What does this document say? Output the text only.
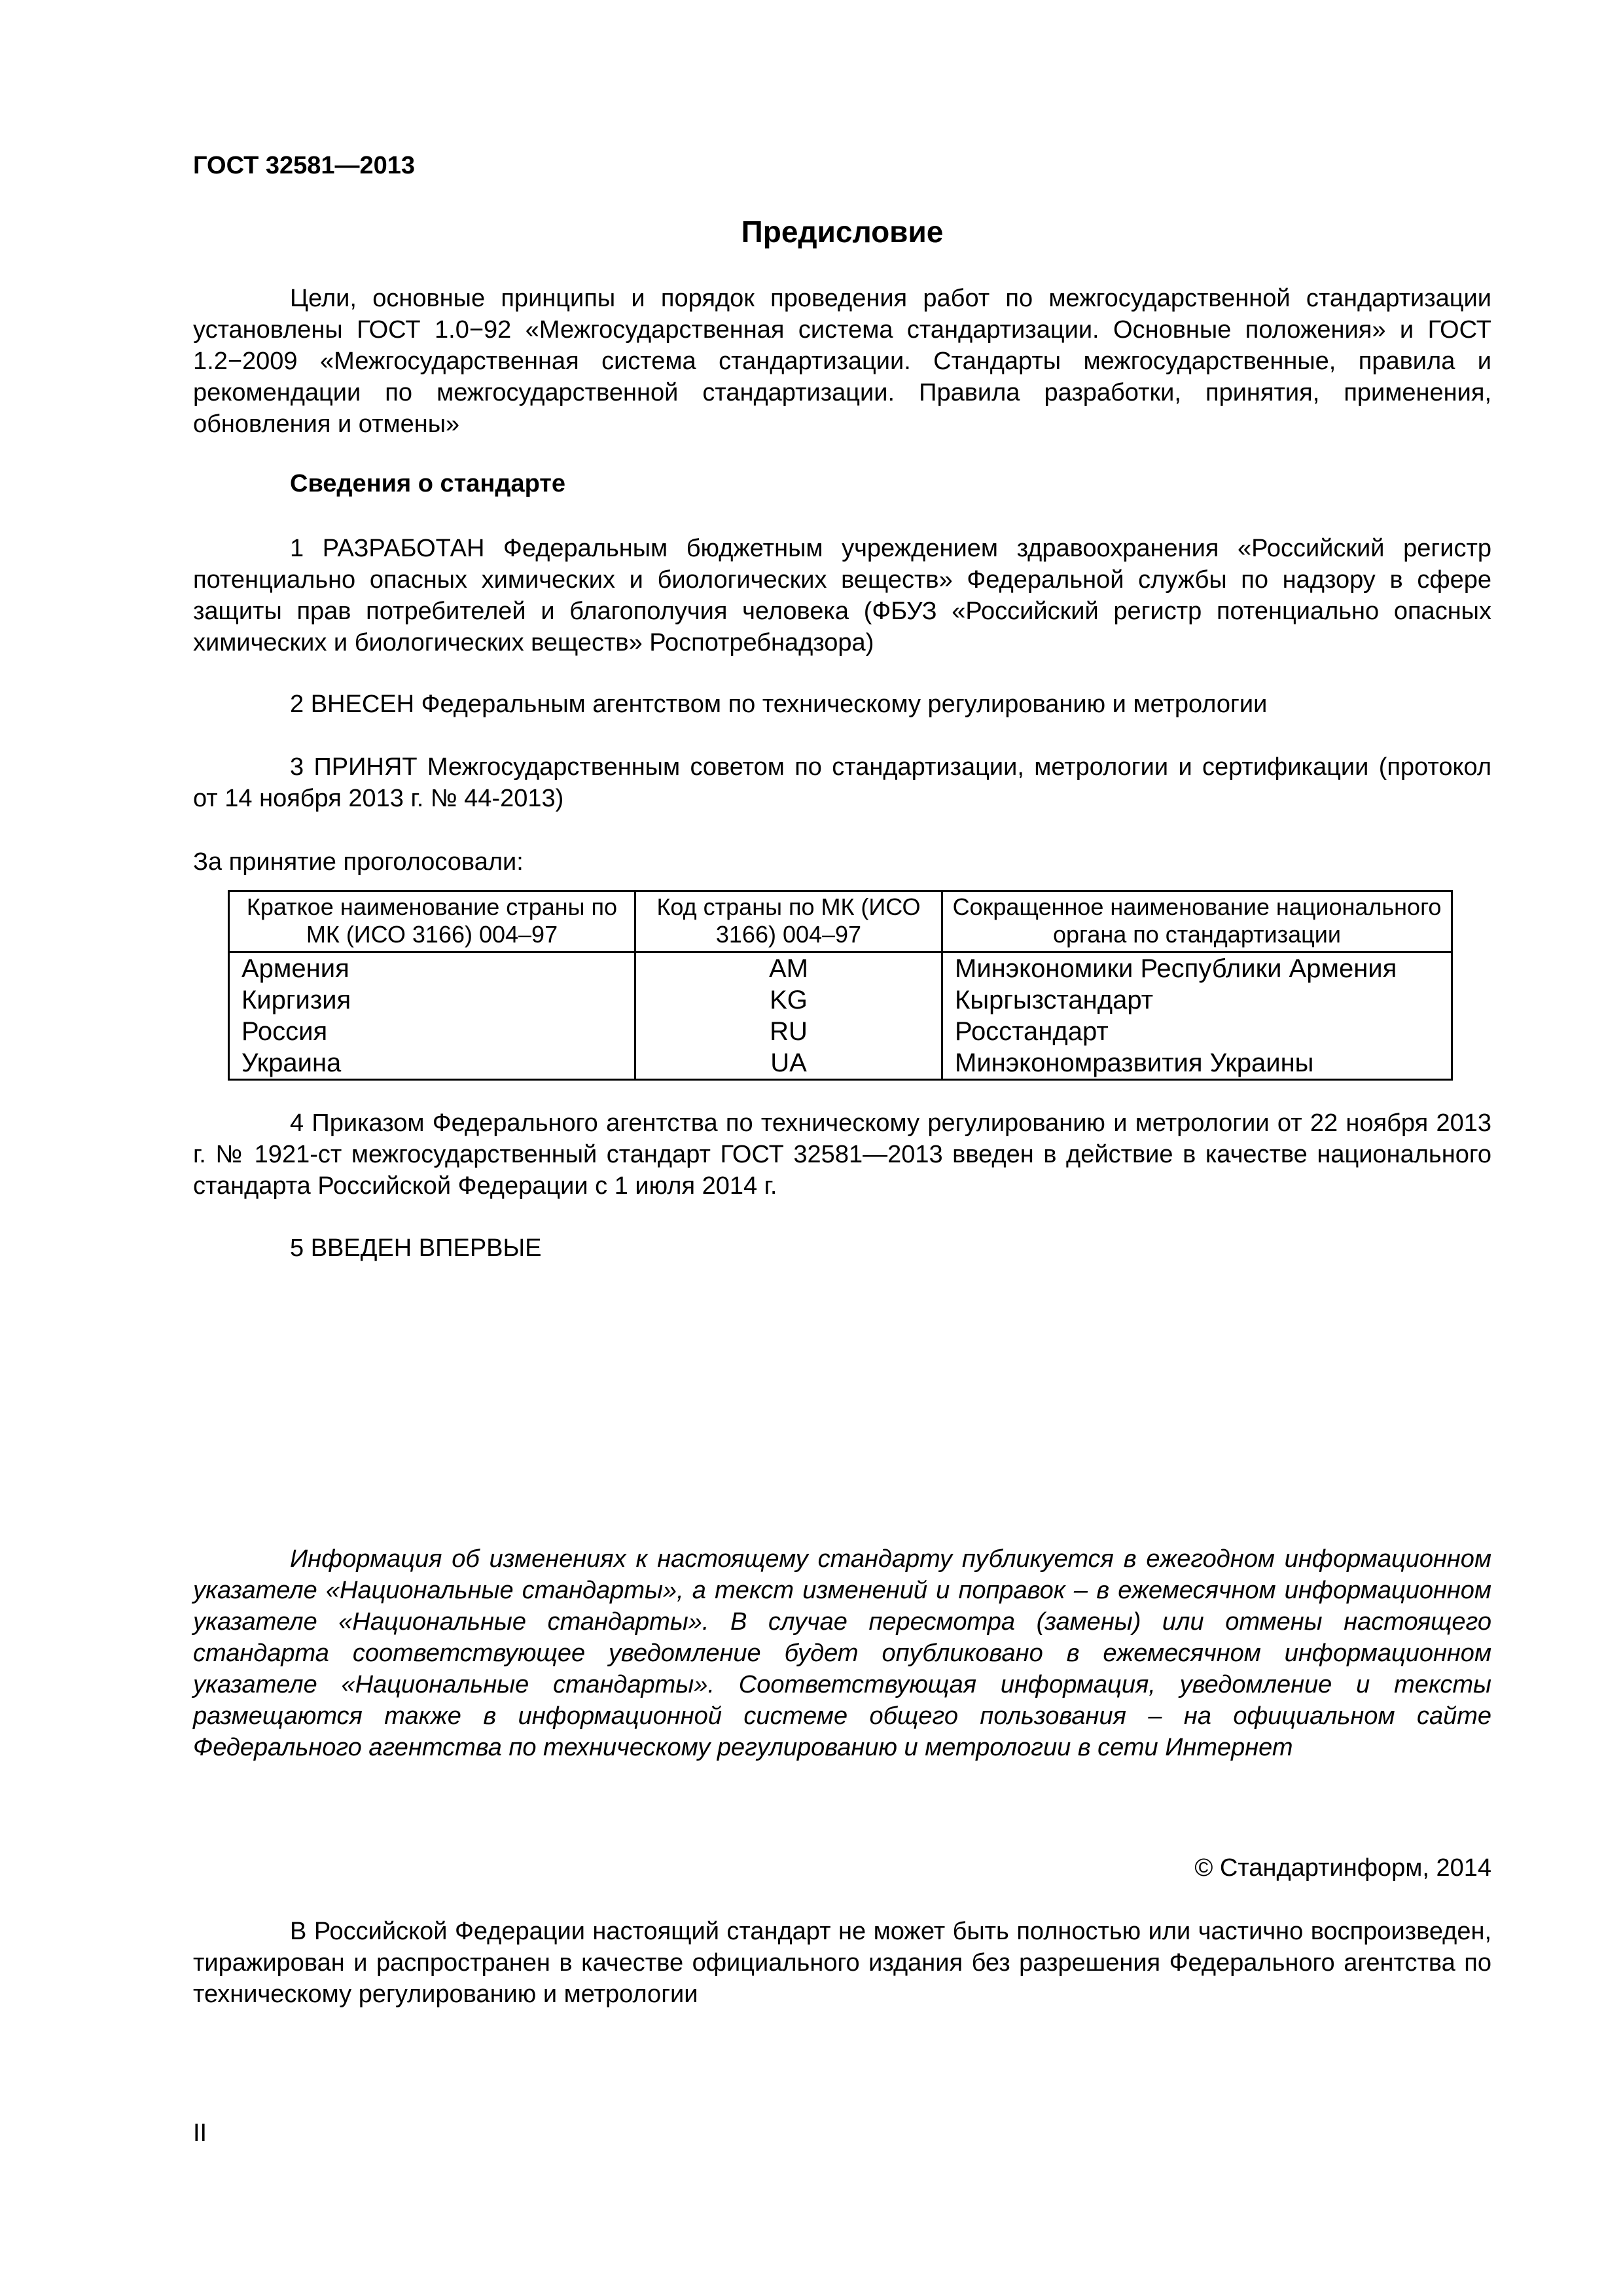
ГОСТ 32581—2013

Предисловие

Цели, основные принципы и порядок проведения работ по межгосударственной стандартизации установлены ГОСТ 1.0−92 «Межгосударственная система стандартизации. Основные положения» и ГОСТ 1.2−2009 «Межгосударственная система стандартизации. Стандарты межгосударственные, правила и рекомендации по межгосударственной стандартизации. Правила разработки, принятия, применения, обновления и отмены»

Сведения о стандарте

1 РАЗРАБОТАН Федеральным бюджетным учреждением здравоохранения «Российский регистр потенциально опасных химических и биологических веществ» Федеральной службы по надзору в сфере защиты прав потребителей и благополучия человека (ФБУЗ «Российский регистр потенциально опасных химических и биологических веществ» Роспотребнадзора)

2 ВНЕСЕН Федеральным агентством по техническому регулированию и метрологии

3 ПРИНЯТ Межгосударственным советом по стандартизации, метрологии и сертификации (протокол от 14 ноября 2013 г. № 44-2013)

За принятие проголосовали:

Краткое наименование страны по МК (ИСО 3166) 004–97	Код страны по МК (ИСО 3166) 004–97	Сокращенное наименование национального органа по стандартизации
Армения	AM	Минэкономики Республики Армения
Киргизия	KG	Кыргызстандарт
Россия	RU	Росстандарт
Украина	UA	Минэкономразвития Украины

4 Приказом Федерального агентства по техническому регулированию и метрологии от 22 ноября 2013 г. № 1921-ст межгосударственный стандарт ГОСТ 32581—2013 введен в действие в качестве национального стандарта Российской Федерации с 1 июля 2014 г.

5 ВВЕДЕН ВПЕРВЫЕ

Информация об изменениях к настоящему стандарту публикуется в ежегодном информационном указателе «Национальные стандарты», а текст изменений и поправок – в ежемесячном информационном указателе «Национальные стандарты». В случае пересмотра (замены) или отмены настоящего стандарта соответствующее уведомление будет опубликовано в ежемесячном информационном указателе «Национальные стандарты». Соответствующая информация, уведомление и тексты размещаются также в информационной системе общего пользования – на официальном сайте Федерального агентства по техническому регулированию и метрологии в сети Интернет

© Стандартинформ, 2014

В Российской Федерации настоящий стандарт не может быть полностью или частично воспроизведен, тиражирован и распространен в качестве официального издания без разрешения Федерального агентства по техническому регулированию и метрологии

II
